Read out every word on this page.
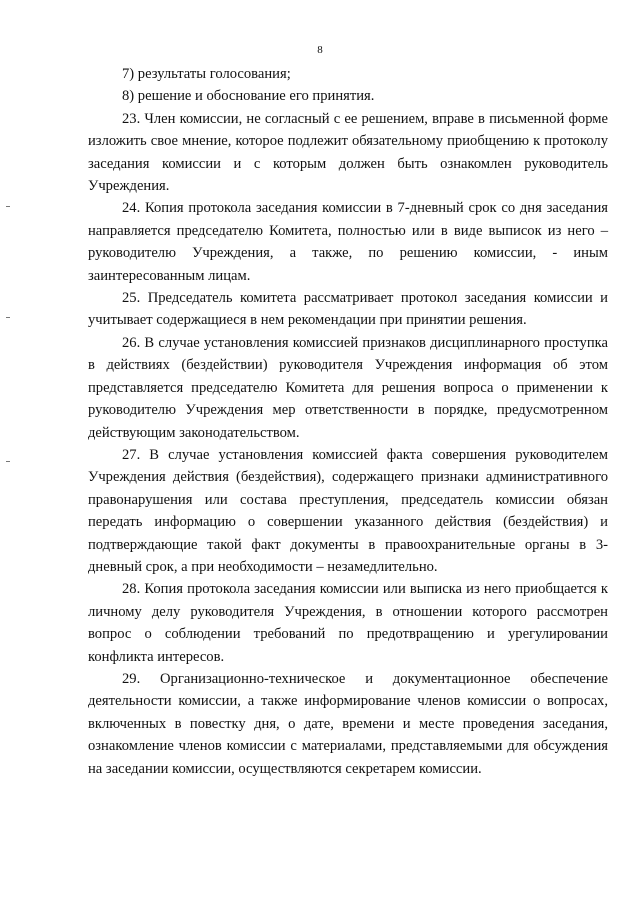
8

7) результаты голосования;

8) решение и обоснование его принятия.

23. Член комиссии, не согласный с ее решением, вправе в письменной форме изложить свое мнение, которое подлежит обязательному приобщению к протоколу заседания комиссии и с которым должен быть ознакомлен руководитель Учреждения.

24. Копия протокола заседания комиссии в 7-дневный срок со дня заседания направляется председателю Комитета, полностью или в виде выписок из него – руководителю Учреждения, а также, по решению комиссии, - иным заинтересованным лицам.

25. Председатель комитета рассматривает протокол заседания комиссии и учитывает содержащиеся в нем рекомендации при принятии решения.

26. В случае установления комиссией признаков дисциплинарного проступка в действиях (бездействии) руководителя Учреждения информация об этом представляется председателю Комитета для решения вопроса о применении к руководителю Учреждения мер ответственности в порядке, предусмотренном действующим законодательством.

27. В случае установления комиссией факта совершения руководителем Учреждения действия (бездействия), содержащего признаки административного правонарушения или состава преступления, председатель комиссии обязан передать информацию о совершении указанного действия (бездействия) и подтверждающие такой факт документы в правоохранительные органы в 3-дневный срок, а при необходимости – незамедлительно.

28. Копия протокола заседания комиссии или выписка из него приобщается к личному делу руководителя Учреждения, в отношении которого рассмотрен вопрос о соблюдении требований по предотвращению и урегулировании конфликта интересов.

29. Организационно-техническое и документационное обеспечение деятельности комиссии, а также информирование членов комиссии о вопросах, включенных в повестку дня, о дате, времени и месте проведения заседания, ознакомление членов комиссии с материалами, представляемыми для обсуждения на заседании комиссии, осуществляются секретарем комиссии.
